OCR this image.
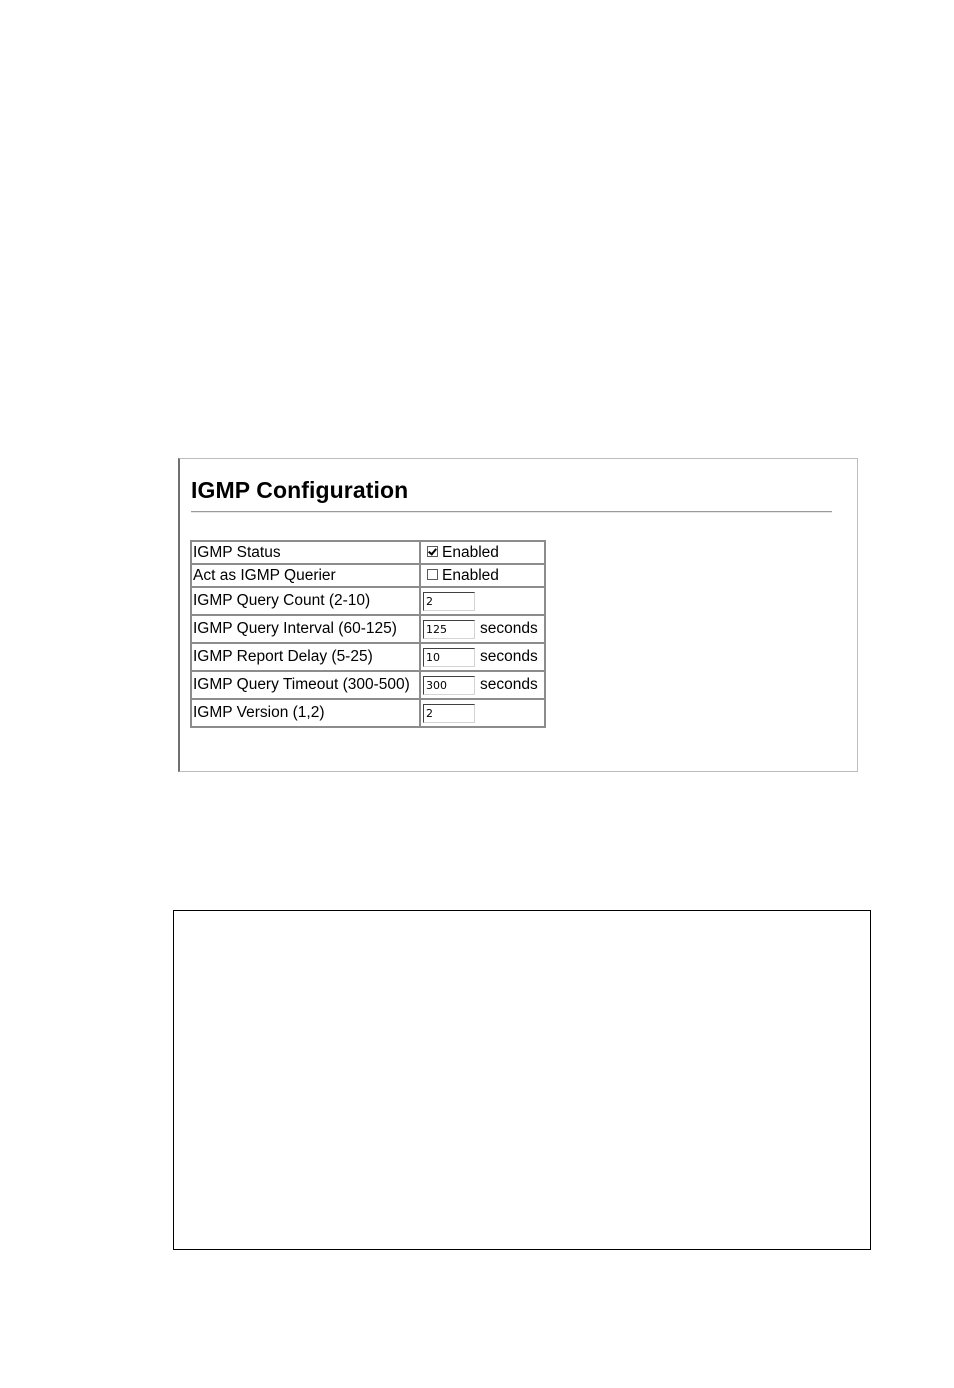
IGMP Configuration
IGMP Status	Enabled
Act as IGMP Querier	Enabled
IGMP Query Count (2-10)	2
IGMP Query Interval (60-125)	125seconds
IGMP Report Delay (5-25)	10seconds
IGMP Query Timeout (300-500)	300seconds
IGMP Version (1,2)	2
